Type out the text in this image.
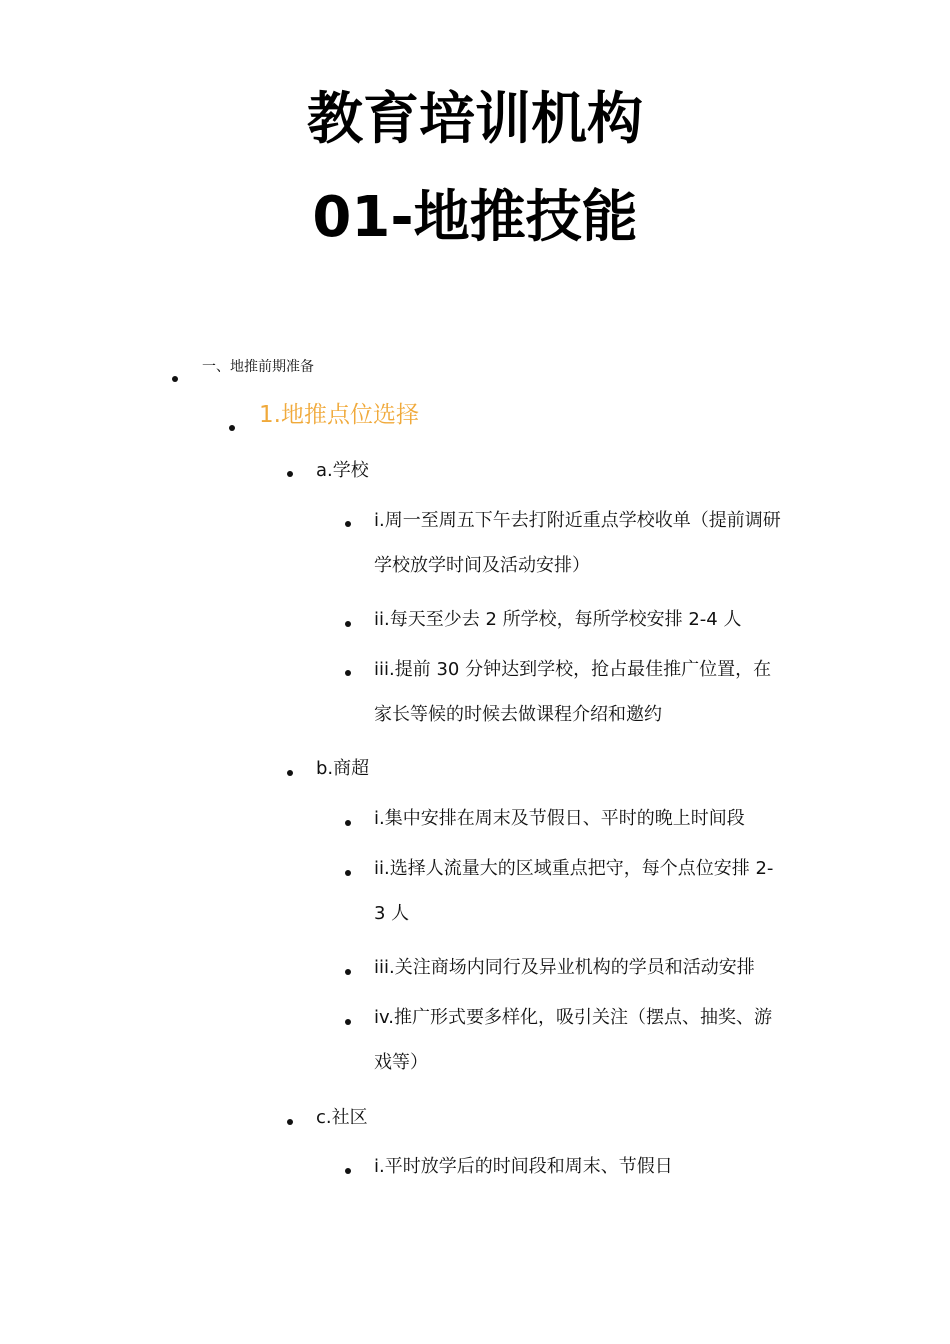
教育培训机构
01-地推技能
一、地推前期准备
1.地推点位选择
a.学校
i.周一至周五下午去打附近重点学校收单（提前调研
学校放学时间及活动安排）
ii.每天至少去 2 所学校，每所学校安排 2-4 人
iii.提前 30 分钟达到学校，抢占最佳推广位置，在
家长等候的时候去做课程介绍和邀约
b.商超
i.集中安排在周末及节假日、平时的晚上时间段
ii.选择人流量大的区域重点把守，每个点位安排 2-
3 人
iii.关注商场内同行及异业机构的学员和活动安排
iv.推广形式要多样化，吸引关注（摆点、抽奖、游
戏等）
c.社区
i.平时放学后的时间段和周末、节假日
